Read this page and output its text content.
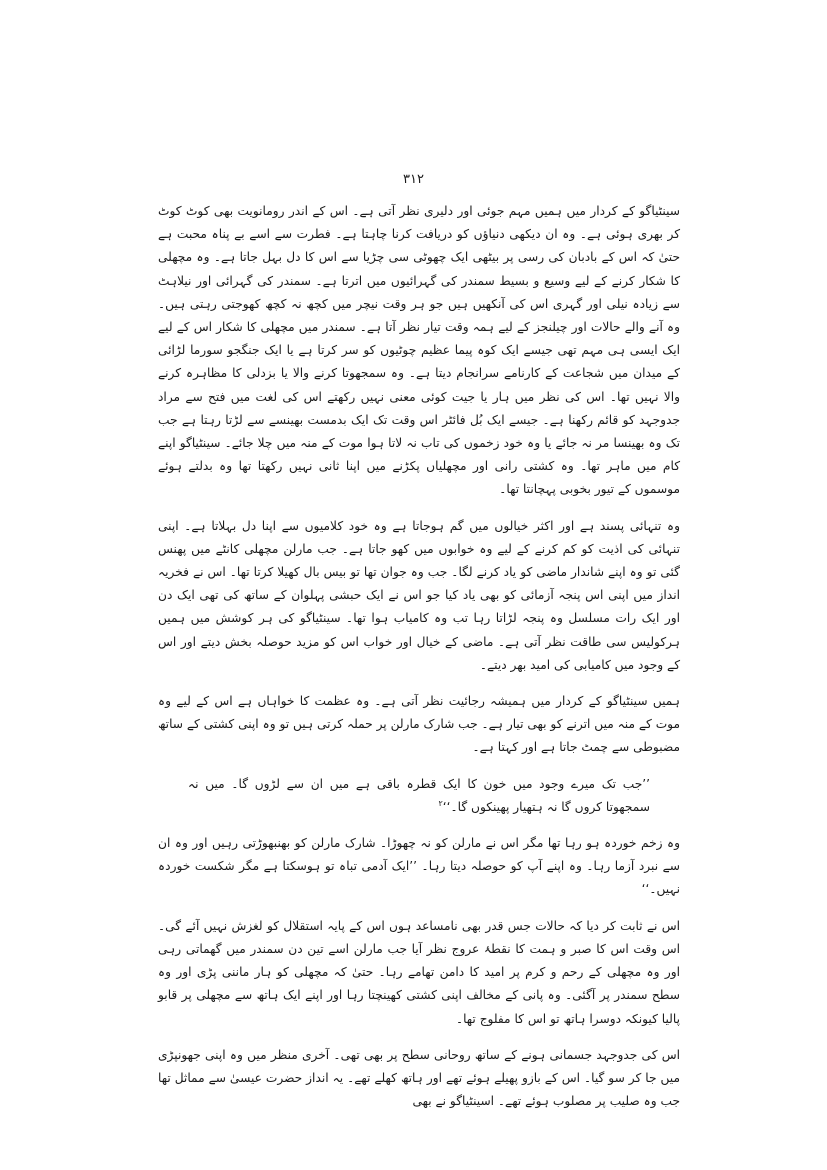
۳۱۲

سینٹیاگو کے کردار میں ہمیں مہم جوئی اور دلیری نظر آتی ہے۔ اس کے اندر رومانویت بھی کوٹ کوٹ کر بھری ہوئی ہے۔ وہ ان دیکھی دنیاؤں کو دریافت کرنا چاہتا ہے۔ فطرت سے اسے بے پناہ محبت ہے حتیٰ کہ اس کے بادبان کی رسی پر بیٹھی ایک چھوٹی سی چڑیا سے اس کا دل بہل جاتا ہے۔ وہ مچھلی کا شکار کرنے کے لیے وسیع و بسیط سمندر کی گہرائیوں میں اترتا ہے۔ سمندر کی گہرائی اور نیلاہٹ سے زیادہ نیلی اور گہری اس کی آنکھیں ہیں جو ہر وقت نیچر میں کچھ نہ کچھ کھوجتی رہتی ہیں۔ وہ آنے والے حالات اور چیلنجز کے لیے ہمہ وقت تیار نظر آتا ہے۔ سمندر میں مچھلی کا شکار اس کے لیے ایک ایسی ہی مہم تھی جیسے ایک کوہ پیما عظیم چوٹیوں کو سر کرتا ہے یا ایک جنگجو سورما لڑائی کے میدان میں شجاعت کے کارنامے سرانجام دیتا ہے۔ وہ سمجھوتا کرنے والا یا بزدلی کا مظاہرہ کرنے والا نہیں تھا۔ اس کی نظر میں ہار یا جیت کوئی معنی نہیں رکھتے اس کی لغت میں فتح سے مراد جدوجہد کو قائم رکھنا ہے۔ جیسے ایک بُل فائٹر اس وقت تک ایک بدمست بھینسے سے لڑتا رہتا ہے جب تک وہ بھینسا مر نہ جائے یا وہ خود زخموں کی تاب نہ لاتا ہوا موت کے منہ میں چلا جائے۔ سینٹیاگو اپنے کام میں ماہر تھا۔ وہ کشتی رانی اور مچھلیاں پکڑنے میں اپنا ثانی نہیں رکھتا تھا وہ بدلتے ہوئے موسموں کے تیور بخوبی پہچانتا تھا۔

وہ تنہائی پسند ہے اور اکثر خیالوں میں گم ہوجاتا ہے وہ خود کلامیوں سے اپنا دل بہلاتا ہے۔ اپنی تنہائی کی اذیت کو کم کرنے کے لیے وہ خوابوں میں کھو جاتا ہے۔ جب مارلن مچھلی کانٹے میں پھنس گئی تو وہ اپنے شاندار ماضی کو یاد کرنے لگا۔ جب وہ جوان تھا تو بیس بال کھیلا کرتا تھا۔ اس نے فخریہ انداز میں اپنی اس پنجہ آزمائی کو بھی یاد کیا جو اس نے ایک حبشی پہلوان کے ساتھ کی تھی ایک دن اور ایک رات مسلسل وہ پنجہ لڑاتا رہا تب وہ کامیاب ہوا تھا۔ سینٹیاگو کی ہر کوشش میں ہمیں ہرکولیس سی طاقت نظر آتی ہے۔ ماضی کے خیال اور خواب اس کو مزید حوصلہ بخش دیتے اور اس کے وجود میں کامیابی کی امید بھر دیتے۔

ہمیں سینٹیاگو کے کردار میں ہمیشہ رجائیت نظر آتی ہے۔ وہ عظمت کا خواہاں ہے اس کے لیے وہ موت کے منہ میں اترنے کو بھی تیار ہے۔ جب شارک مارلن پر حملہ کرتی ہیں تو وہ اپنی کشتی کے ساتھ مضبوطی سے چمٹ جاتا ہے اور کہتا ہے۔

’’جب تک میرے وجود میں خون کا ایک قطرہ باقی ہے میں ان سے لڑوں گا۔ میں نہ سمجھوتا کروں گا نہ ہتھیار پھینکوں گا۔‘‘$^۲$

وہ زخم خوردہ ہو رہا تھا مگر اس نے مارلن کو نہ چھوڑا۔ شارک مارلن کو بھنبھوڑتی رہیں اور وہ ان سے نبرد آزما رہا۔ وہ اپنے آپ کو حوصلہ دیتا رہا۔ ’’ایک آدمی تباہ تو ہوسکتا ہے مگر شکست خوردہ نہیں۔‘‘

اس نے ثابت کر دیا کہ حالات جس قدر بھی نامساعد ہوں اس کے پایہ استقلال کو لغزش نہیں آئے گی۔ اس وقت اس کا صبر و ہمت کا نقطۂ عروج نظر آیا جب مارلن اسے تین دن سمندر میں گھماتی رہی اور وہ مچھلی کے رحم و کرم پر امید کا دامن تھامے رہا۔ حتیٰ کہ مچھلی کو ہار ماننی پڑی اور وہ سطح سمندر پر آگئی۔ وہ پانی کے مخالف اپنی کشتی کھینچتا رہا اور اپنے ایک ہاتھ سے مچھلی پر قابو پالیا کیونکہ دوسرا ہاتھ تو اس کا مفلوج تھا۔

اس کی جدوجہد جسمانی ہونے کے ساتھ روحانی سطح پر بھی تھی۔ آخری منظر میں وہ اپنی جھونپڑی میں جا کر سو گیا۔ اس کے بازو پھیلے ہوئے تھے اور ہاتھ کھلے تھے۔ یہ انداز حضرت عیسیٰ سے مماثل تھا جب وہ صلیب پر مصلوب ہوئے تھے۔ اسینٹیاگو نے بھی
